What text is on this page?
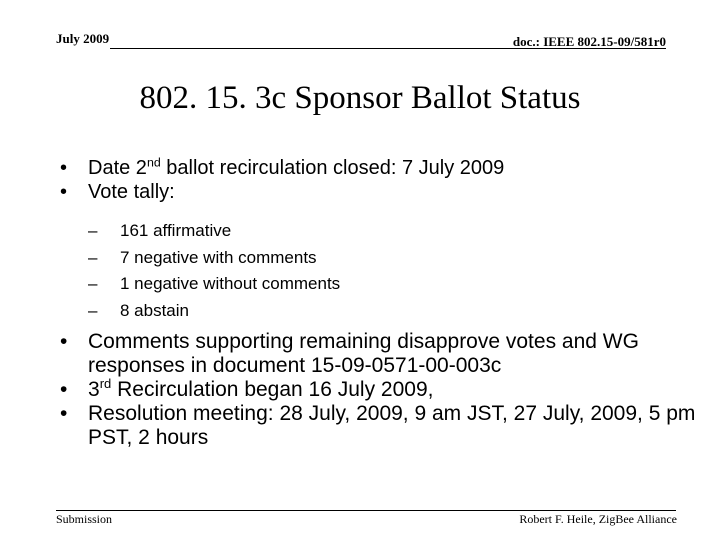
July 2009	doc.: IEEE 802.15-09/581r0
802. 15. 3c Sponsor Ballot Status
• Date 2nd ballot recirculation closed: 7 July 2009
• Vote tally:
– 161 affirmative
– 7 negative with comments
– 1 negative without comments
– 8 abstain
• Comments supporting remaining disapprove votes and WG responses in document 15-09-0571-00-003c
• 3rd Recirculation began 16 July 2009,
• Resolution meeting: 28 July, 2009, 9 am JST, 27 July, 2009, 5 pm PST, 2 hours
Submission	Robert F. Heile, ZigBee Alliance
